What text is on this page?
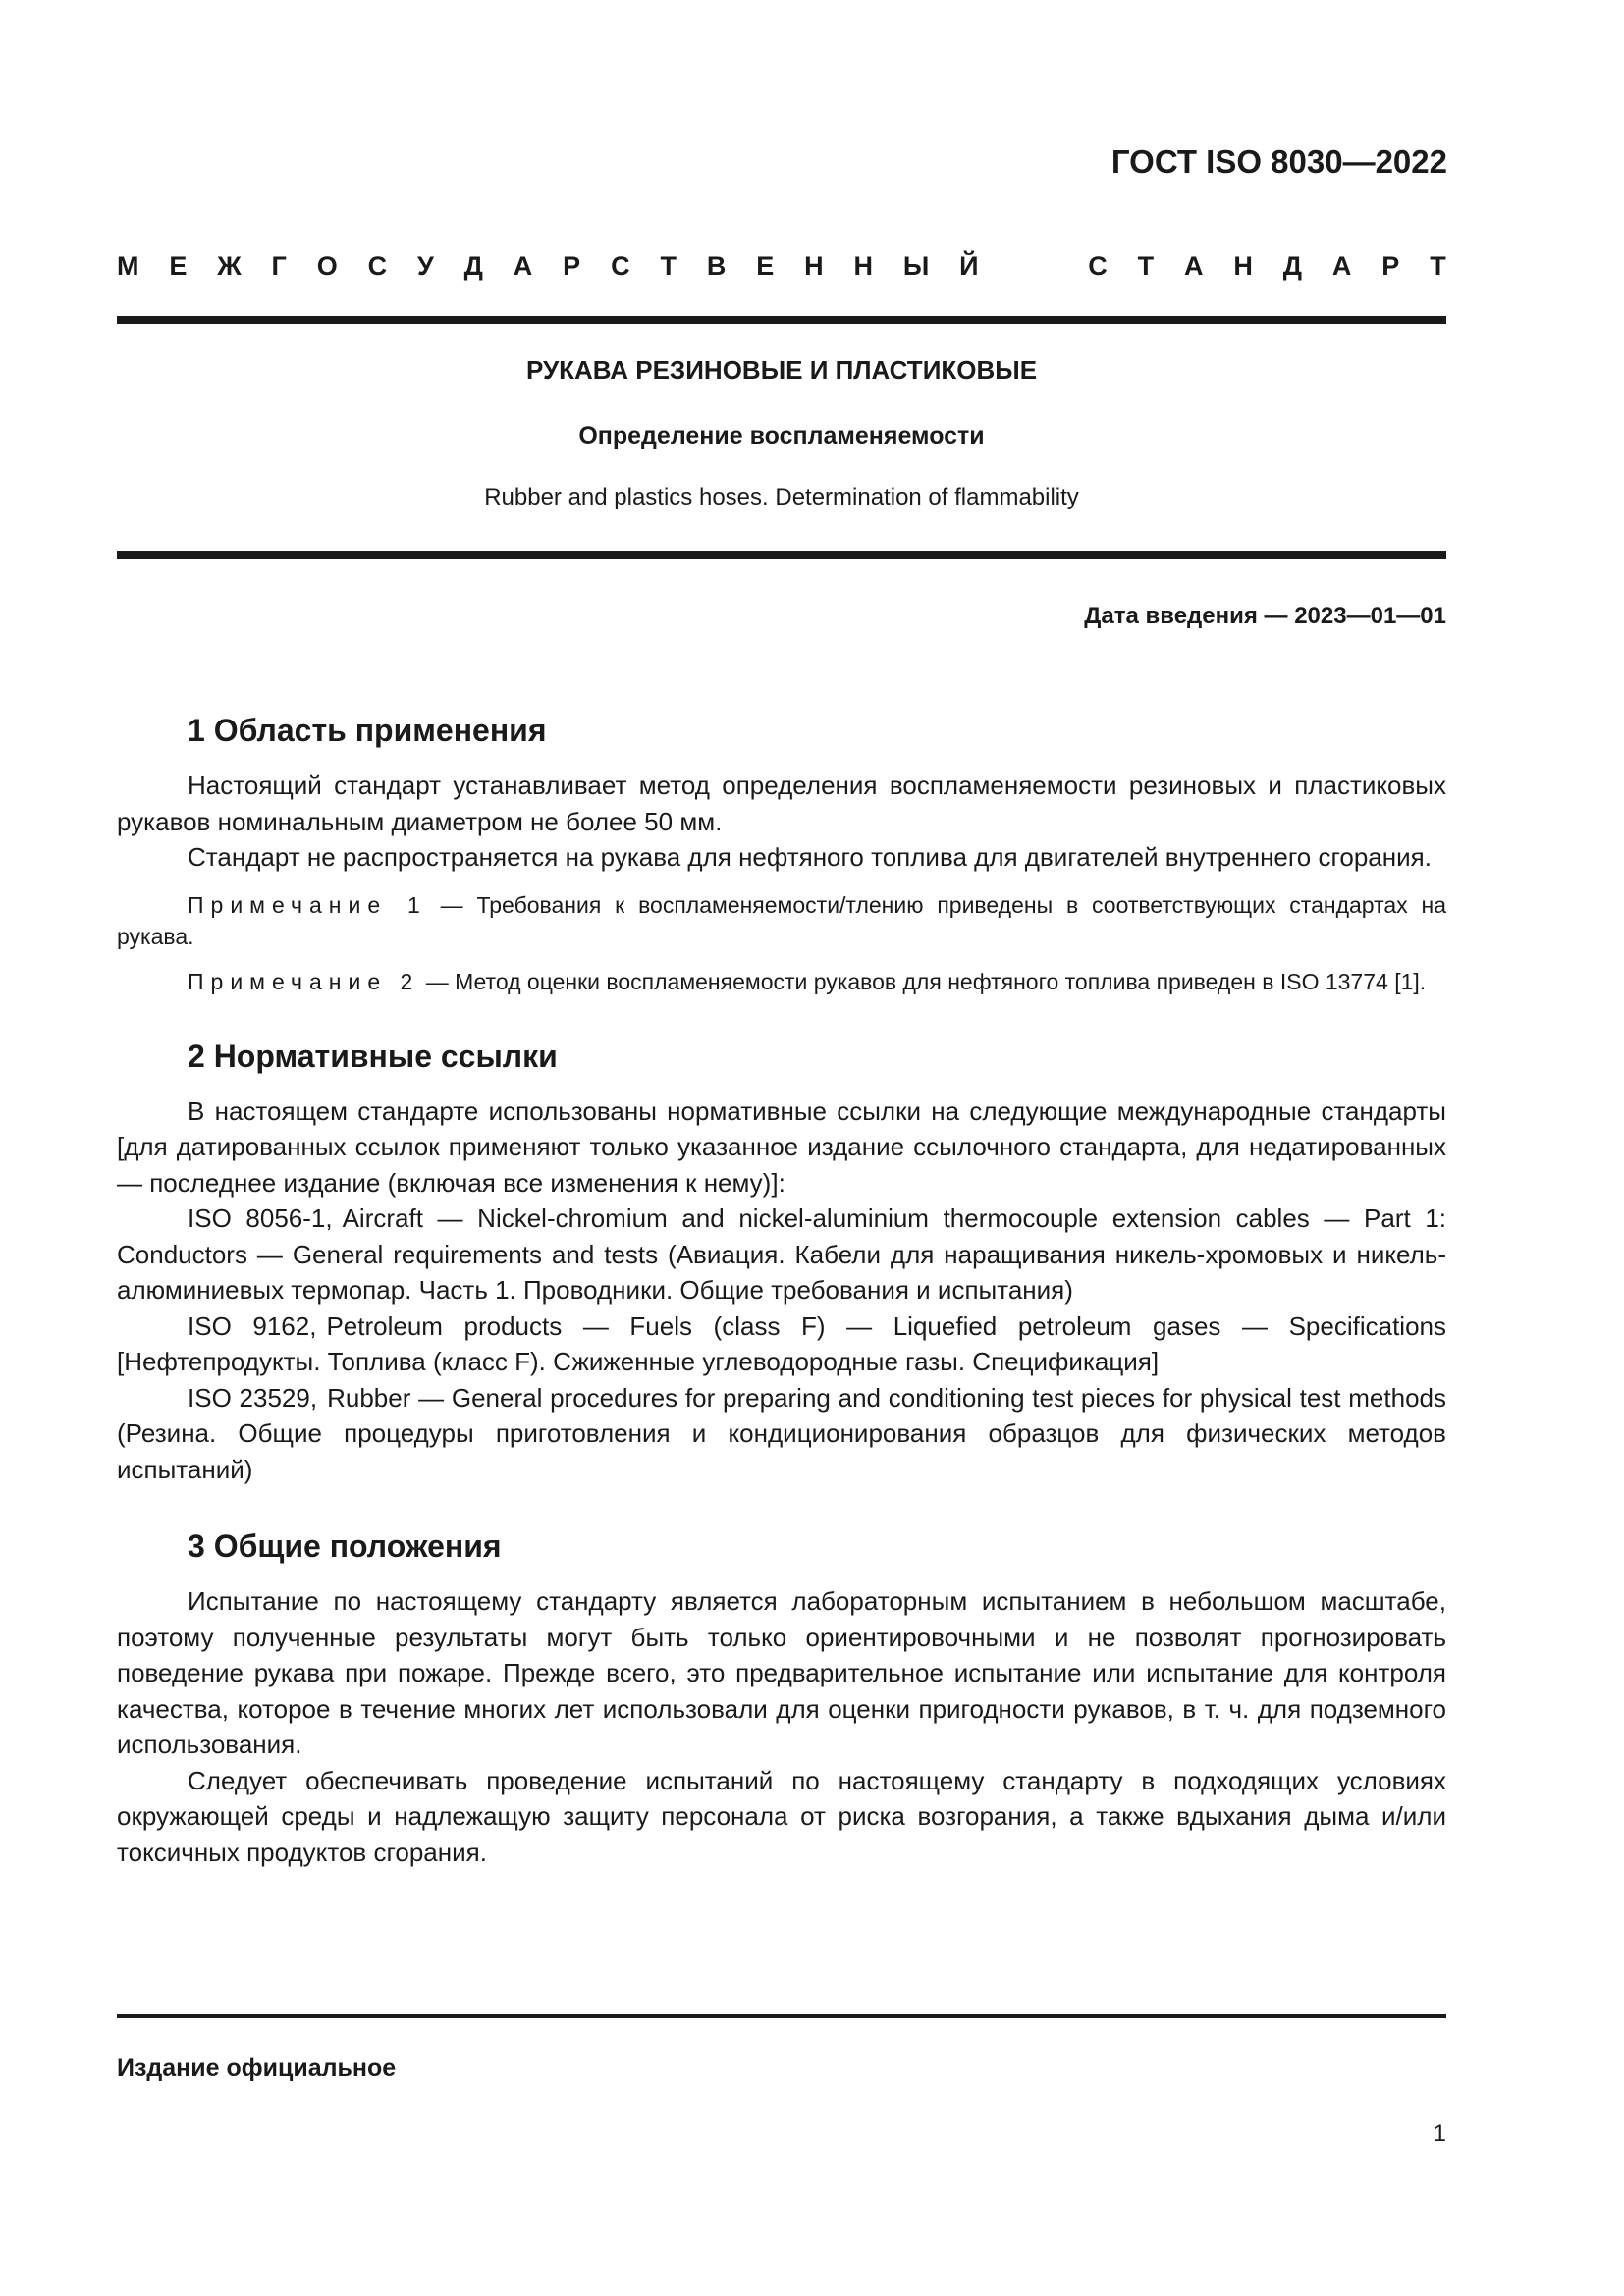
ГОСТ ISO 8030—2022
М Е Ж Г О С У Д А Р С Т В Е Н Н Ы Й	С Т А Н Д А Р Т
РУКАВА РЕЗИНОВЫЕ И ПЛАСТИКОВЫЕ
Определение воспламеняемости
Rubber and plastics hoses. Determination of flammability
Дата введения — 2023—01—01
1 Область применения

Настоящий стандарт устанавливает метод определения воспламеняемости резиновых и пластиковых рукавов номинальным диаметром не более 50 мм.

Стандарт не распространяется на рукава для нефтяного топлива для двигателей внутреннего сгорания.

Примечание 1 — Требования к воспламеняемости/тлению приведены в соответствующих стандартах на рукава.

Примечание 2 — Метод оценки воспламеняемости рукавов для нефтяного топлива приведен в ISO 13774 [1].

2 Нормативные ссылки

В настоящем стандарте использованы нормативные ссылки на следующие международные стандарты [для датированных ссылок применяют только указанное издание ссылочного стандарта, для недатированных — последнее издание (включая все изменения к нему)]:

ISO 8056-1, Aircraft — Nickel-chromium and nickel-aluminium thermocouple extension cables — Part 1: Conductors — General requirements and tests (Авиация. Кабели для наращивания никель-хромовых и никель-алюминиевых термопар. Часть 1. Проводники. Общие требования и испытания)

ISO 9162, Petroleum products — Fuels (class F) — Liquefied petroleum gases — Specifications [Нефтепродукты. Топлива (класс F). Сжиженные углеводородные газы. Спецификация]

ISO 23529, Rubber — General procedures for preparing and conditioning test pieces for physical test methods (Резина. Общие процедуры приготовления и кондиционирования образцов для физических методов испытаний)

3 Общие положения

Испытание по настоящему стандарту является лабораторным испытанием в небольшом масштабе, поэтому полученные результаты могут быть только ориентировочными и не позволят прогнозировать поведение рукава при пожаре. Прежде всего, это предварительное испытание или испытание для контроля качества, которое в течение многих лет использовали для оценки пригодности рукавов, в т. ч. для подземного использования.

Следует обеспечивать проведение испытаний по настоящему стандарту в подходящих условиях окружающей среды и надлежащую защиту персонала от риска возгорания, а также вдыхания дыма и/или токсичных продуктов сгорания.

Издание официальное
1
